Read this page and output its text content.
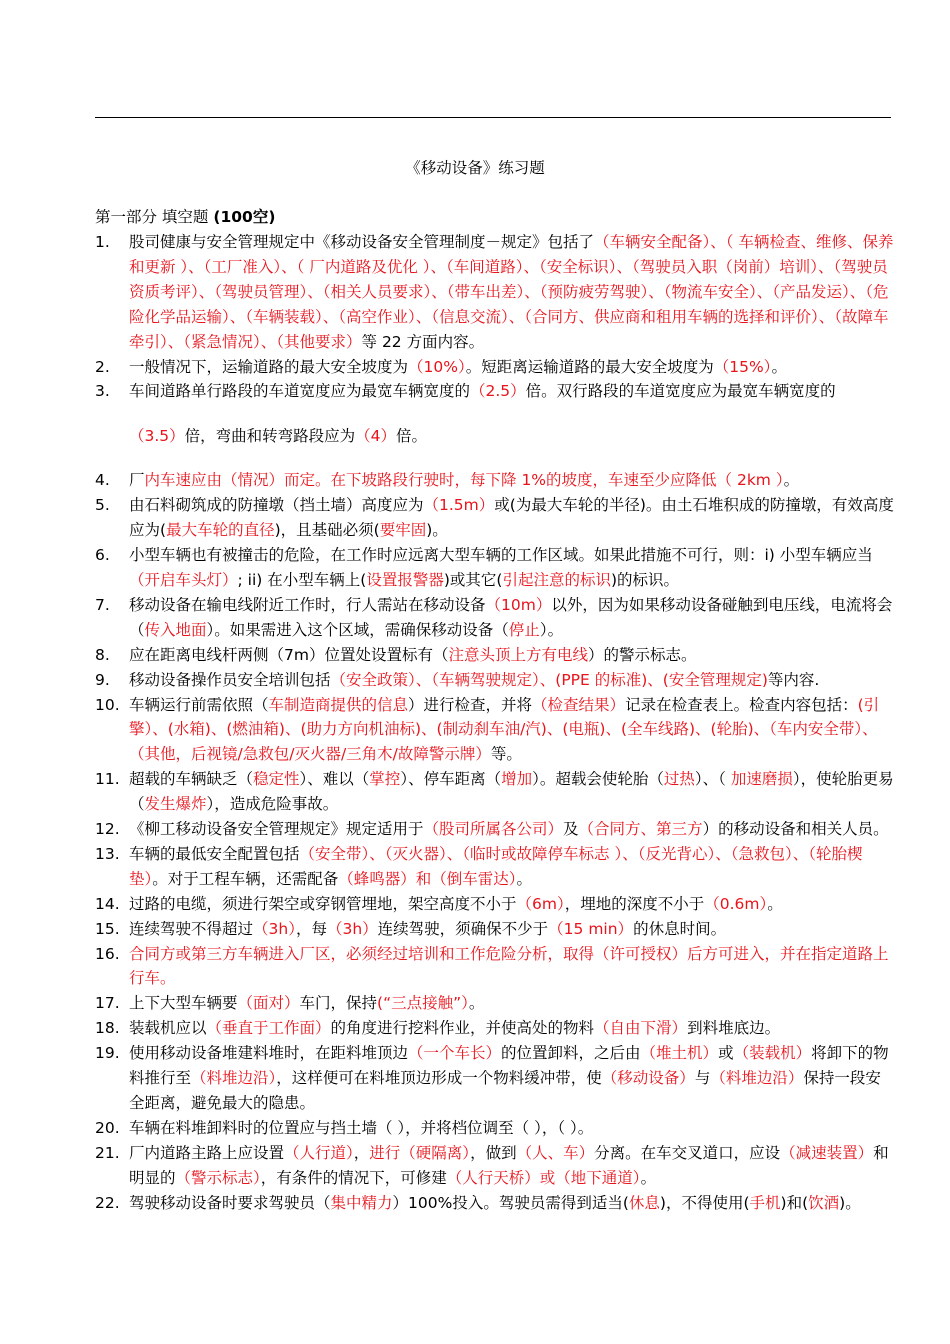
《移动设备》练习题
第一部分 填空题 (100空)
1. 股司健康与安全管理规定中《移动设备安全管理制度－规定》包括了（车辆安全配备）、（ 车辆检查、维修、保养和更新 ）、（工厂准入）、（ 厂内道路及优化 ）、（车间道路）、（安全标识）、（驾驶员入职（岗前）培训）、（驾驶员资质考评）、（驾驶员管理）、（相关人员要求）、（带车出差）、（预防疲劳驾驶）、（物流车安全）、（产品发运）、（危险化学品运输）、（车辆装载）、（高空作业）、（信息交流）、（合同方、供应商和租用车辆的选择和评价）、（故障车牵引）、（紧急情况）、（其他要求）等 22 方面内容。
2. 一般情况下，运输道路的最大安全坡度为（10%）。短距离运输道路的最大安全坡度为（15%）。
3. 车间道路单行路段的车道宽度应为最宽车辆宽度的（2.5）倍。双行路段的车道宽度应为最宽车辆宽度的
（3.5）倍，弯曲和转弯路段应为（4）倍。
4. 厂内车速应由（情况）而定。在下坡路段行驶时，每下降 1%的坡度，车速至少应降低（ 2km ）。
5. 由石料砌筑成的防撞墩（挡土墙）高度应为（1.5m）或(为最大车轮的半径)。由土石堆积成的防撞墩，有效高度应为(最大车轮的直径)，且基础必须(要牢固)。
6. 小型车辆也有被撞击的危险，在工作时应远离大型车辆的工作区域。如果此措施不可行，则：i) 小型车辆应当（开启车头灯）; ii) 在小型车辆上(设置报警器)或其它(引起注意的标识)的标识。
7. 移动设备在输电线附近工作时，行人需站在移动设备（10m）以外，因为如果移动设备碰触到电压线，电流将会（传入地面）。如果需进入这个区域，需确保移动设备（停止）。
8. 应在距离电线杆两侧（7m）位置处设置标有（注意头顶上方有电线）的警示标志。
9. 移动设备操作员安全培训包括（安全政策）、（车辆驾驶规定）、(PPE 的标准)、(安全管理规定)等内容.
10. 车辆运行前需依照（车制造商提供的信息）进行检查，并将（检查结果）记录在检查表上。检查内容包括：(引擎）、(水箱)、(燃油箱)、(助力方向机油标)、(制动刹车油/汽)、(电瓶)、(全车线路)、(轮胎)、（车内安全带）、（其他，后视镜/急救包/灭火器/三角木/故障警示牌）等。
11. 超载的车辆缺乏（稳定性）、难以（掌控）、停车距离（增加）。超载会使轮胎（过热）、（ 加速磨损），使轮胎更易（发生爆炸），造成危险事故。
12. 《柳工移动设备安全管理规定》规定适用于（股司所属各公司）及（合同方、第三方）的移动设备和相关人员。
13. 车辆的最低安全配置包括（安全带）、（灭火器）、（临时或故障停车标志 ）、（反光背心）、（急救包）、（轮胎楔垫）。对于工程车辆，还需配备（蜂鸣器）和（倒车雷达）。
14. 过路的电缆，须进行架空或穿钢管埋地，架空高度不小于（6m），埋地的深度不小于（0.6m）。
15. 连续驾驶不得超过（3h），每（3h）连续驾驶，须确保不少于（15 min）的休息时间。
16. 合同方或第三方车辆进入厂区，必须经过培训和工作危险分析，取得（许可授权）后方可进入，并在指定道路上行车。
17. 上下大型车辆要（面对）车门，保持(“三点接触”）。
18. 装载机应以（垂直于工作面）的角度进行挖料作业，并使高处的物料（自由下滑）到料堆底边。
19. 使用移动设备堆建料堆时，在距料堆顶边（一个车长）的位置卸料，之后由（堆土机）或（装载机）将卸下的物料推行至（料堆边沿），这样便可在料堆顶边形成一个物料缓冲带，使（移动设备）与（料堆边沿）保持一段安全距离，避免最大的隐患。
20. 车辆在料堆卸料时的位置应与挡土墙（ ），并将档位调至（ ），（ ）。
21. 厂内道路主路上应设置（人行道），进行（硬隔离），做到（人、车）分离。在车交叉道口，应设（减速装置）和明显的（警示标志），有条件的情况下，可修建（人行天桥）或（地下通道）。
22. 驾驶移动设备时要求驾驶员（集中精力）100%投入。驾驶员需得到适当(休息)，不得使用(手机)和(饮酒)。
